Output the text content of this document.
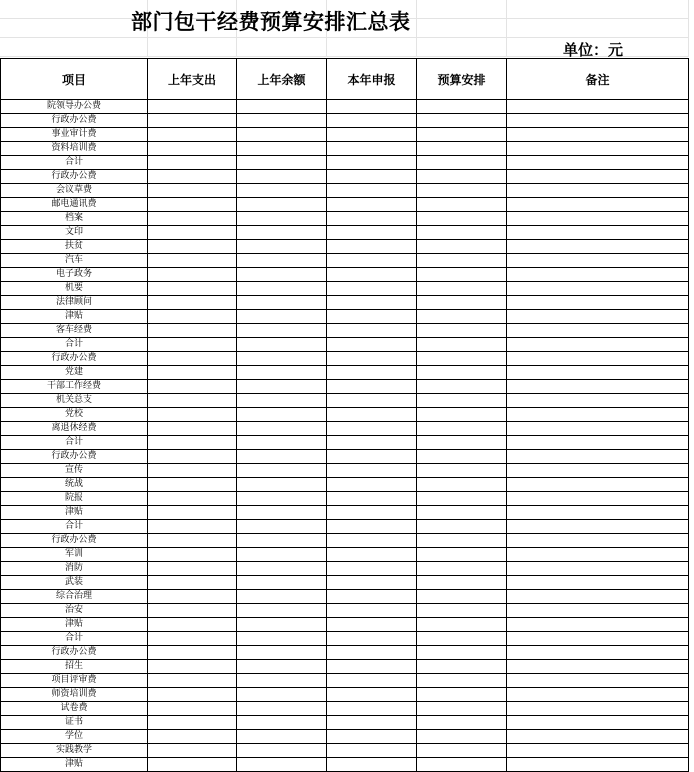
部门包干经费预算安排汇总表
单位：元
项目	上年支出	上年余额	本年申报	预算安排	备注
院领导办公费					
行政办公费					
事业审计费					
资料培训费					
合计					
行政办公费					
会议草费					
邮电通讯费					
档案					
文印					
扶贫					
汽车					
电子政务					
机要					
法律顾问					
津贴					
客车经费					
合计					
行政办公费					
党建					
干部工作经费					
机关总支					
党校					
离退休经费					
合计					
行政办公费					
宣传					
统战					
院报					
津贴					
合计					
行政办公费					
军训					
消防					
武装					
综合治理					
治安					
津贴					
合计					
行政办公费					
招生					
项目评审费					
师资培训费					
试卷费					
证书					
学位					
实践教学					
津贴					
